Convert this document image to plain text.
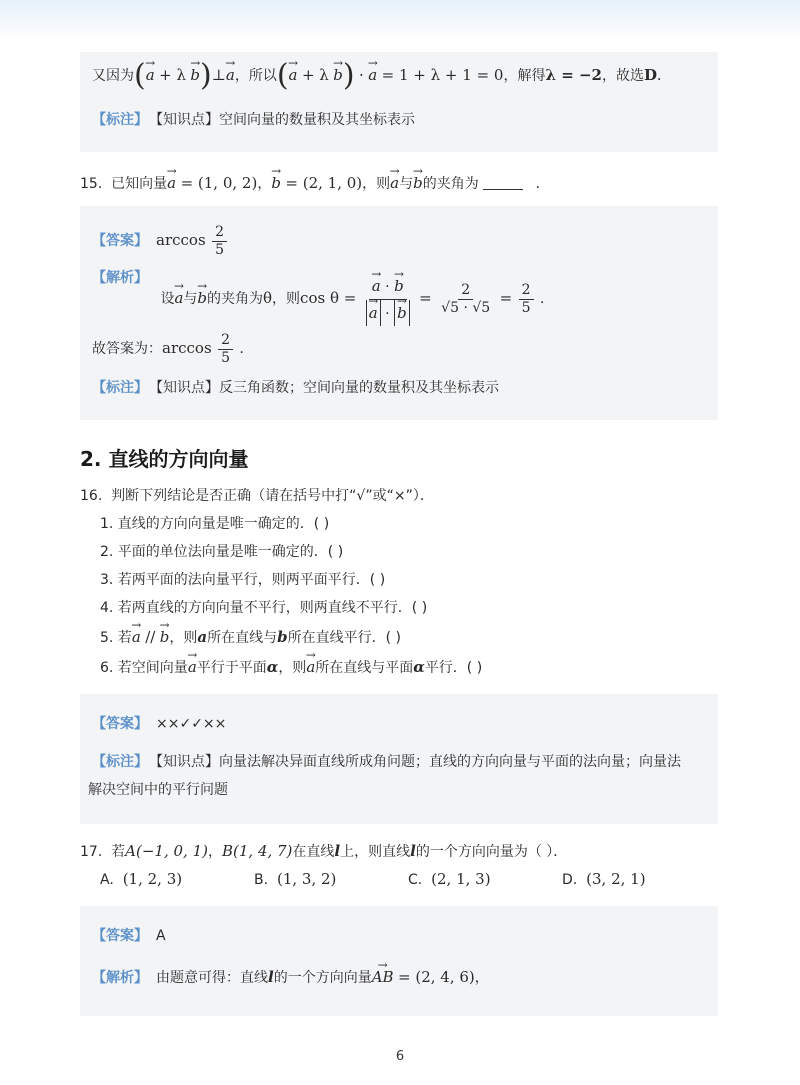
又因为(→ a + λ → b)⊥→ a，所以(→ a + λ → b) · → a = 1 + λ + 1 = 0，解得λ = −2，故选D．
【标注】 【知识点】空间向量的数量积及其坐标表示
15. 已知向量→ a = (1, 0, 2)，→ b = (2, 1, 0)，则→ a与→ b的夹角为	．
【答案】 $\arccos \frac{2}{5}$
【解析】 设→ a与→ b的夹角为θ，则cos θ = → a · → b
→ a · → $b = \frac{2}{√5 \cdot √5} = \frac{2}{5}$ ．
故答案为：$\arccos \frac{2}{5}$ ．
【标注】 【知识点】反三角函数；空间向量的数量积及其坐标表示
2. 直线的方向向量
16. 判断下列结论是否正确（请在括号中打“√”或“×”）．
1. 直线的方向向量是唯一确定的．( )
2. 平面的单位法向量是唯一确定的．( )
3. 若两平面的法向量平行，则两平面平行．( )
4. 若两直线的方向向量不平行，则两直线不平行．( )
5. 若→ a // → b，则a所在直线与b所在直线平行．( )
6. 若空间向量→ a平行于平面α，则→ a所在直线与平面α平行．( )
【答案】 ××✓✓××
【标注】 【知识点】向量法解决异面直线所成角问题；直线的方向向量与平面的法向量；向量法
解决空间中的平行问题
17. 若A(−1, 0, 1)，B(1, 4, 7)在直线l上，则直线l的一个方向向量为（ ）．
A. (1, 2, 3)	B. (1, 3, 2)	C. (2, 1, 3)	D. (3, 2, 1)
【答案】 A
【解析】 由题意可得：直线l的一个方向向量→ AB = (2, 4, 6)，
6
